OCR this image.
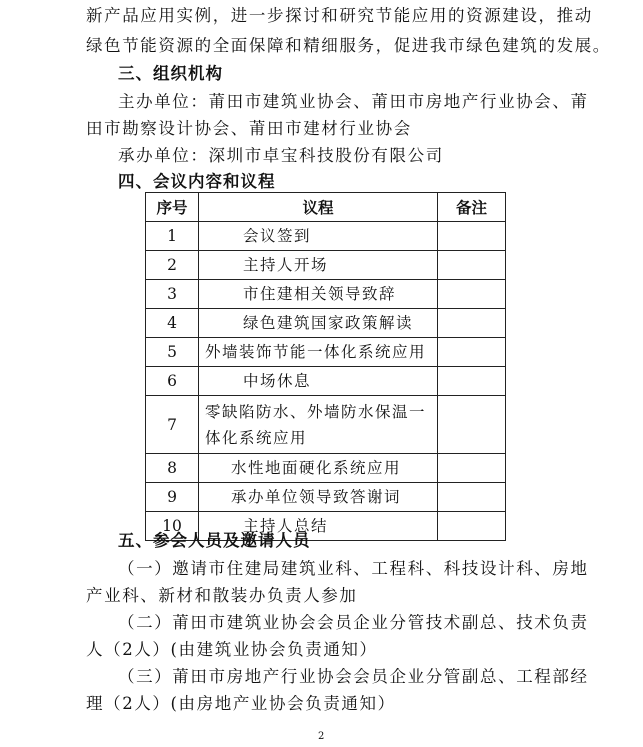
新产品应用实例，进一步探讨和研究节能应用的资源建设，推动
绿色节能资源的全面保障和精细服务，促进我市绿色建筑的发展。
三、组织机构
主办单位：莆田市建筑业协会、莆田市房地产行业协会、莆
田市勘察设计协会、莆田市建材行业协会
承办单位：深圳市卓宝科技股份有限公司
四、会议内容和议程
序号	议程	备注
1	会议签到	

2	主持人开场	

3	市住建相关领导致辞	

4	绿色建筑国家政策解读	

5	外墙装饰节能一体化系统应用	

6	中场休息	

7	零缺陷防水、外墙防水保温一体化系统应用	

8	水性地面硬化系统应用	

9	承办单位领导致答谢词	

10	主持人总结	

五、参会人员及邀请人员
（一）邀请市住建局建筑业科、工程科、科技设计科、房地
产业科、新材和散装办负责人参加
（二）莆田市建筑业协会会员企业分管技术副总、技术负责
人（2人）(由建筑业协会负责通知）
（三）莆田市房地产行业协会会员企业分管副总、工程部经
理（2人）(由房地产业协会负责通知）
2
